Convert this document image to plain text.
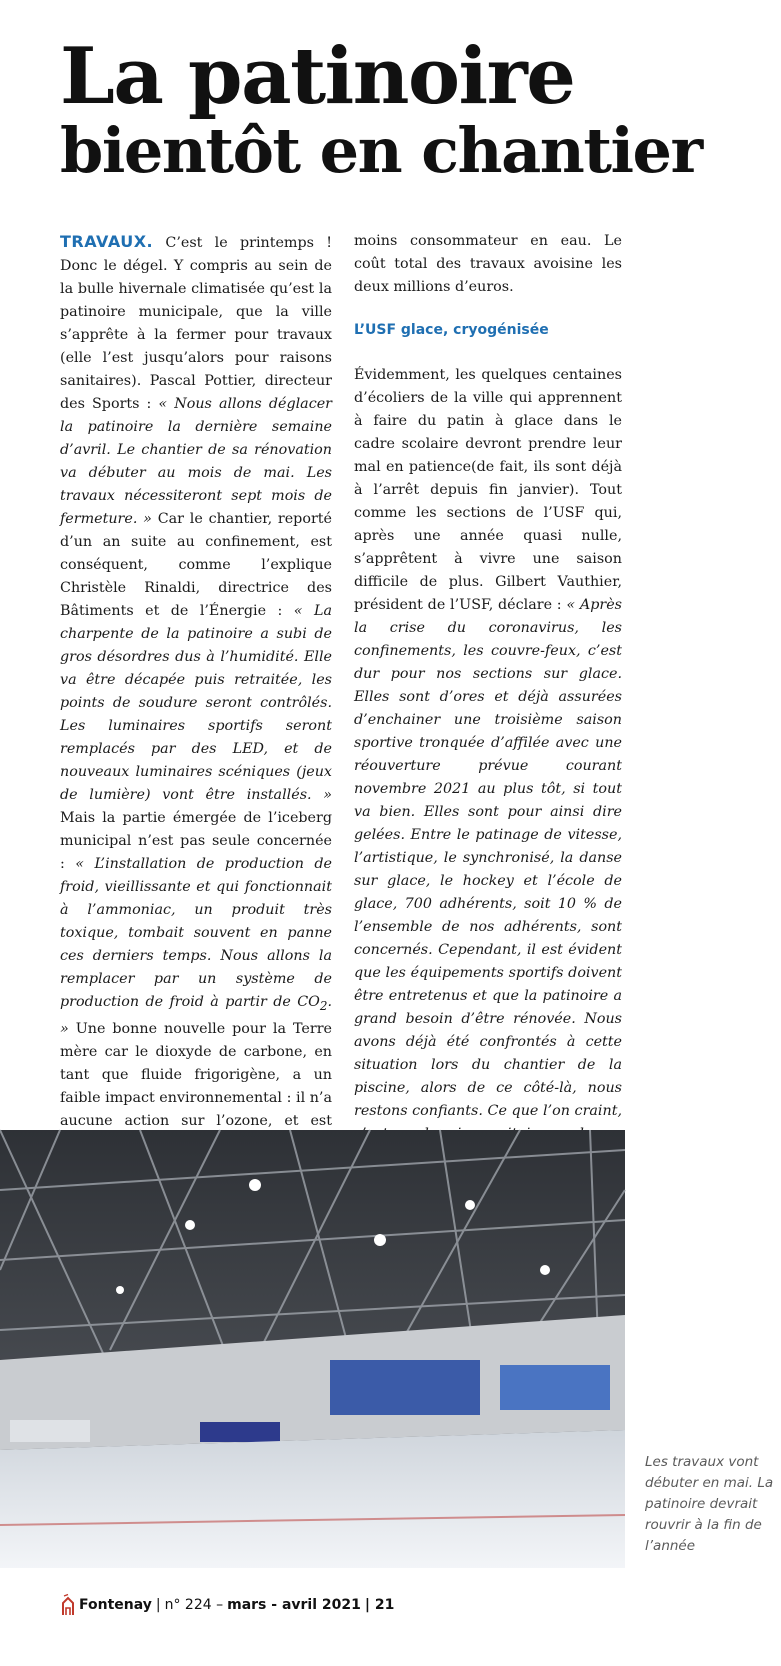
La patinoire
bientôt en chantier

TRAVAUX. C’est le printemps ! Donc le dégel. Y compris au sein de la bulle hivernale climatisée qu’est la patinoire municipale, que la ville s’apprête à la fermer pour travaux (elle l’est jusqu’alors pour raisons sanitaires). Pascal Pottier, directeur des Sports : « Nous allons déglacer la patinoire la dernière semaine d’avril. Le chantier de sa rénovation va débuter au mois de mai. Les travaux nécessiteront sept mois de fermeture. » Car le chantier, reporté d’un an suite au confinement, est conséquent, comme l’explique Christèle Rinaldi, directrice des Bâtiments et de l’Énergie : « La charpente de la patinoire a subi de gros désordres dus à l’humidité. Elle va être décapée puis retraitée, les points de soudure seront contrôlés. Les luminaires sportifs seront remplacés par des LED, et de nouveaux luminaires scéniques (jeux de lumière) vont être installés. » Mais la partie émergée de l’iceberg municipal n’est pas seule concernée : « L’installation de production de froid, vieillissante et qui fonctionnait à l’ammoniac, un produit très toxique, tombait souvent en panne ces derniers temps. Nous allons la remplacer par un système de production de froid à partir de $CO_2$. » Une bonne nouvelle pour la Terre mère car le dioxyde de carbone, en tant que fluide frigorigène, a un faible impact environnemental : il n’a aucune action sur l’ozone, et est

moins consommateur en eau. Le coût total des travaux avoisine les deux millions d’euros.

L’USF glace, cryogénisée

Évidemment, les quelques centaines d’écoliers de la ville qui apprennent à faire du patin à glace dans le cadre scolaire devront prendre leur mal en patience(de fait, ils sont déjà à l’arrêt depuis fin janvier). Tout comme les sections de l’USF qui, après une année quasi nulle, s’apprêtent à vivre une saison difficile de plus. Gilbert Vauthier, président de l’USF, déclare : « Après la crise du coronavirus, les confinements, les couvre-feux, c’est dur pour nos sections sur glace. Elles sont d’ores et déjà assurées d’enchainer une troisième saison sportive tronquée d’affilée avec une réouverture prévue courant novembre 2021 au plus tôt, si tout va bien. Elles sont pour ainsi dire gelées. Entre le patinage de vitesse, l’artistique, le synchronisé, la danse sur glace, le hockey et l’école de glace, 700 adhérents, soit 10 % de l’ensemble de nos adhérents, sont concernés. Cependant, il est évident que les équipements sportifs doivent être entretenus et que la patinoire a grand besoin d’être rénovée. Nous avons déjà été confrontés à cette situation lors du chantier de la piscine, alors de ce côté-là, nous restons confiants. Ce que l’on craint,

Les travaux vont débuter en mai. La patinoire devrait rouvrir à la fin de l’année

Fontenay | n° 224 – mars - avril 2021 | 21
